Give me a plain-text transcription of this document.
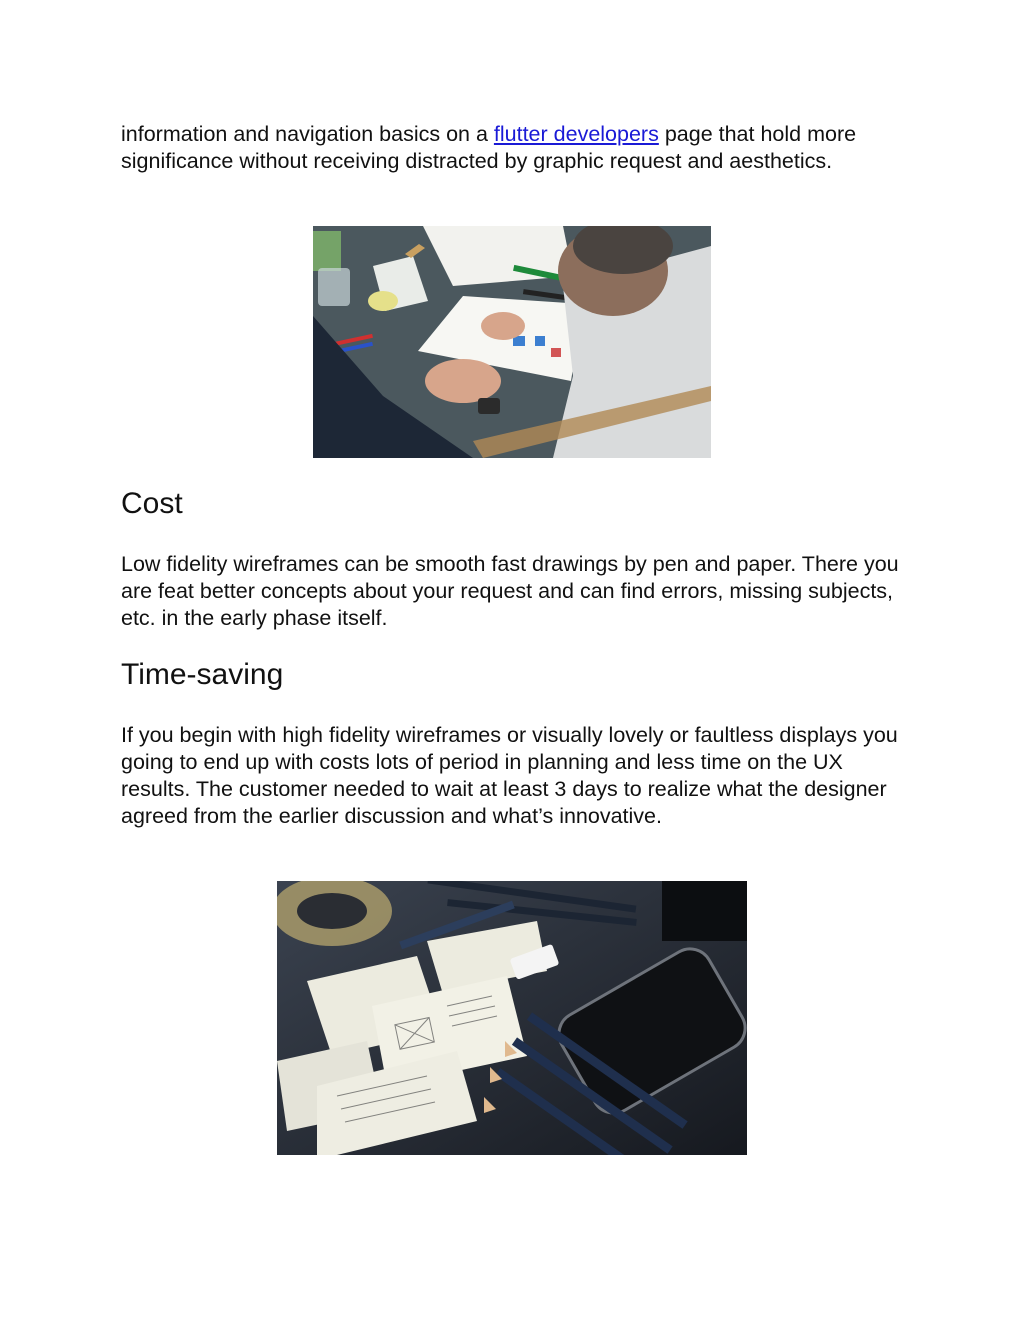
information and navigation basics on a flutter developers page that hold more significance without receiving distracted by graphic request and aesthetics.

Cost

Low fidelity wireframes can be smooth fast drawings by pen and paper. There you are feat better concepts about your request and can find errors, missing subjects, etc. in the early phase itself.

Time-saving

If you begin with high fidelity wireframes or visually lovely or faultless displays you going to end up with costs lots of period in planning and less time on the UX results. The customer needed to wait at least 3 days to realize what the designer agreed from the earlier discussion and what’s innovative.
